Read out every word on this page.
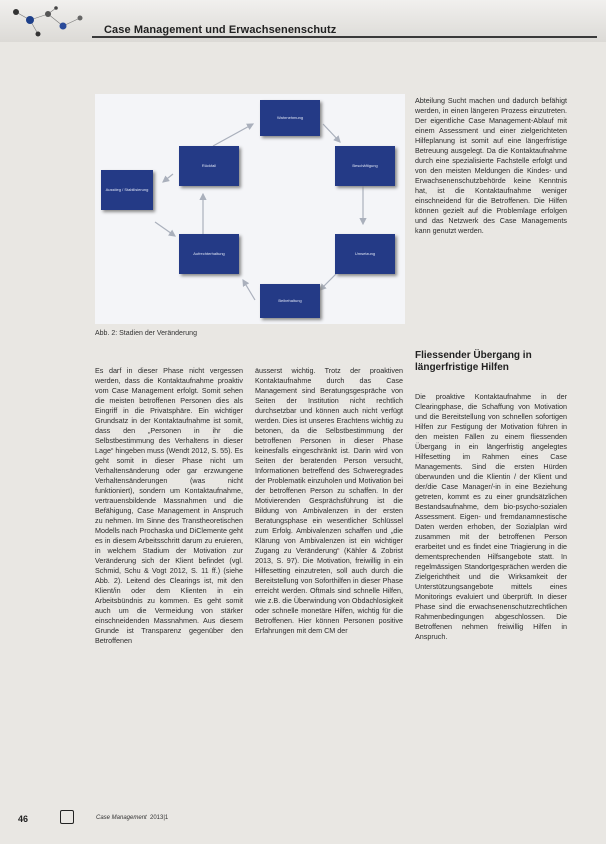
Case Management und Erwachsenenschutz
Wahrnehmung
Beschäftigung
Umsetzung
Beibehaltung
Aufrechterhaltung
Rückfall
Ausstieg / Stabilisierung
Abb. 2: Stadien der Veränderung

Es darf in dieser Phase nicht vergessen werden, dass die Kontaktaufnahme proaktiv vom Case Management erfolgt. Somit sehen die meisten betroffenen Personen dies als Eingriff in die Privatsphäre. Ein wichtiger Grundsatz in der Kontaktaufnahme ist somit, dass den „Personen in ihr die Selbstbestimmung des Verhaltens in dieser Lage“ hingeben muss (Wendt 2012, S. 55). Es geht somit in dieser Phase nicht um Verhaltensänderung oder gar erzwungene Verhaltensänderungen (was nicht funktioniert), sondern um Kontaktaufnahme, vertrauensbildende Massnahmen und die Befähigung, Case Management in Anspruch zu nehmen. Im Sinne des Transtheoretischen Modells nach Prochaska und DiClemente geht es in diesem Arbeitsschritt darum zu eruieren, in welchem Stadium der Motivation zur Veränderung sich der Klient befindet (vgl. Schmid, Schu & Vogt 2012, S. 11 ff.) (siehe Abb. 2). Leitend des Clearings ist, mit den Klient/in oder dem Klienten in ein Arbeitsbündnis zu kommen. Es geht somit auch um die Vermeidung von stärker einschneidenden Massnahmen. Aus diesem Grunde ist Transparenz gegenüber den Betroffenen

äusserst wichtig. Trotz der proaktiven Kontaktaufnahme durch das Case Management sind Beratungsgespräche von Seiten der Institution nicht rechtlich durchsetzbar und können auch nicht verfügt werden. Dies ist unseres Erachtens wichtig zu betonen, da die Selbstbestimmung der betroffenen Personen in dieser Phase keinesfalls eingeschränkt ist. Darin wird von Seiten der beratenden Person versucht, Informationen betreffend des Schweregrades der Problematik einzuholen und Motivation bei der betroffenen Person zu schaffen. In der Motivierenden Gesprächsführung ist die Bildung von Ambivalenzen in der ersten Beratungsphase ein wesentlicher Schlüssel zum Erfolg. Ambivalenzen schaffen und „die Klärung von Ambivalenzen ist ein wichtiger Zugang zu Veränderung“ (Kähler & Zobrist 2013, S. 97). Die Motivation, freiwillig in ein Hilfesetting einzutreten, soll auch durch die Bereitstellung von Soforthilfen in dieser Phase erreicht werden. Oftmals sind schnelle Hilfen, wie z.B. die Überwindung von Obdachlosigkeit oder schnelle monetäre Hilfen, wichtig für die Betroffenen. Hier können Personen positive Erfahrungen mit dem CM der

Abteilung Sucht machen und dadurch befähigt werden, in einen längeren Prozess einzutreten. Der eigentliche Case Management-Ablauf mit einem Assessment und einer zielgerichteten Hilfeplanung ist somit auf eine längerfristige Betreuung ausgelegt. Da die Kontaktaufnahme durch eine spezialisierte Fachstelle erfolgt und von den meisten Meldungen die Kindes- und Erwachsenenschutzbehörde keine Kenntnis hat, ist die Kontaktaufnahme weniger einschneidend für die Betroffenen. Die Hilfen können gezielt auf die Problemlage erfolgen und das Netzwerk des Case Managements kann genutzt werden.

Fliessender Übergang in längerfristige Hilfen

Die proaktive Kontaktaufnahme in der Clearingphase, die Schaffung von Motivation und die Bereitstellung von schnellen sofortigen Hilfen zur Festigung der Motivation führen in den meisten Fällen zu einem fliessenden Übergang in ein längerfristig angelegtes Hilfesetting im Rahmen eines Case Managements. Sind die ersten Hürden überwunden und die Klientin / der Klient und der/die Case Manager/-in in eine Beziehung getreten, kommt es zu einer grundsätzlichen Bestandsaufnahme, dem bio-psycho-sozialen Assessment. Eigen- und fremdanamnestische Daten werden erhoben, der Sozialplan wird zusammen mit der betroffenen Person erarbeitet und es findet eine Triagierung in die dementsprechenden Hilfsangebote statt. In regelmässigen Standortgesprächen werden die Zielgerichtheit und die Wirksamkeit der Unterstützungsangebote mittels eines Monitorings evaluiert und überprüft. In dieser Phase sind die erwachsenenschutzrechtlichen Rahmenbedingungen abgeschlossen. Die Betroffenen nehmen freiwillig Hilfen in Anspruch.

46	Case Management 2013|1
